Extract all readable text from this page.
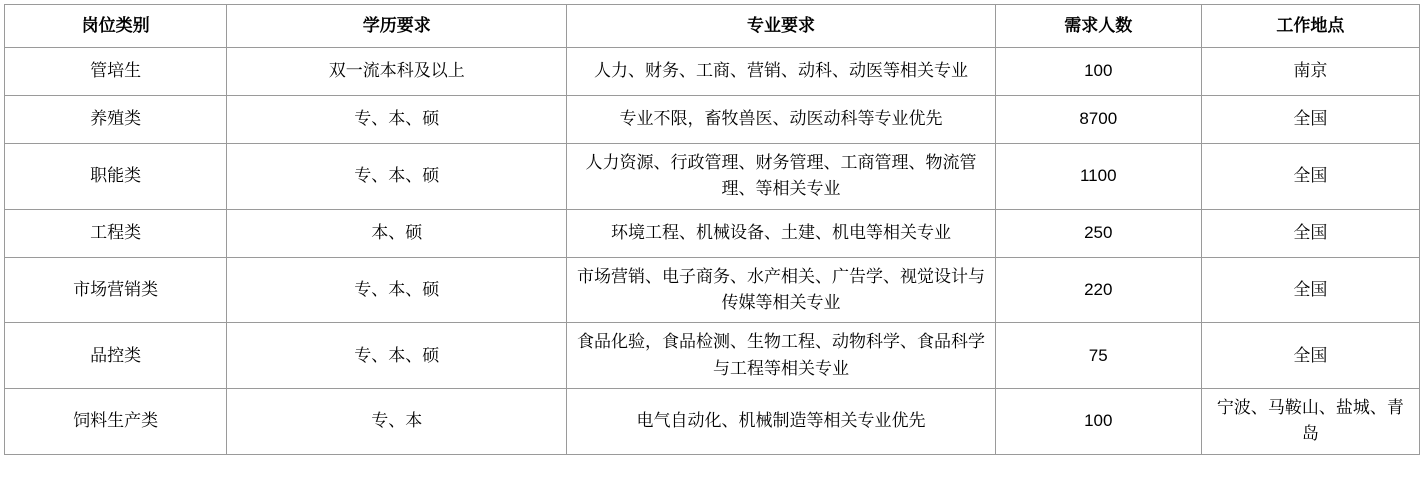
岗位类别	学历要求	专业要求	需求人数	工作地点
管培生	双一流本科及以上	人力、财务、工商、营销、动科、动医等相关专业	100	南京
养殖类	专、本、硕	专业不限，畜牧兽医、动医动科等专业优先	8700	全国
职能类	专、本、硕	人力资源、行政管理、财务管理、工商管理、物流管理、等相关专业	1100	全国
工程类	本、硕	环境工程、机械设备、土建、机电等相关专业	250	全国
市场营销类	专、本、硕	市场营销、电子商务、水产相关、广告学、视觉设计与传媒等相关专业	220	全国
品控类	专、本、硕	食品化验，食品检测、生物工程、动物科学、食品科学与工程等相关专业	75	全国
饲料生产类	专、本	电气自动化、机械制造等相关专业优先	100	宁波、马鞍山、盐城、青岛
